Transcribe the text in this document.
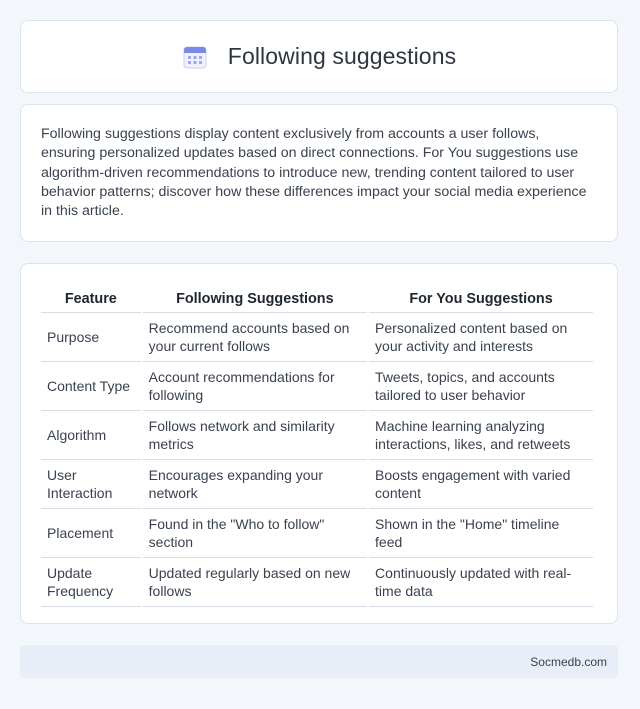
Following suggestions

Following suggestions display content exclusively from accounts a user follows, ensuring personalized updates based on direct connections. For You suggestions use algorithm-driven recommendations to introduce new, trending content tailored to user behavior patterns; discover how these differences impact your social media experience in this article.

Feature	Following Suggestions	For You Suggestions
Purpose	Recommend accounts based on your current follows	Personalized content based on your activity and interests
Content Type	Account recommendations for following	Tweets, topics, and accounts tailored to user behavior
Algorithm	Follows network and similarity metrics	Machine learning analyzing interactions, likes, and retweets
User Interaction	Encourages expanding your network	Boosts engagement with varied content
Placement	Found in the "Who to follow" section	Shown in the "Home" timeline feed
Update Frequency	Updated regularly based on new follows	Continuously updated with real-time data
Socmedb.com
